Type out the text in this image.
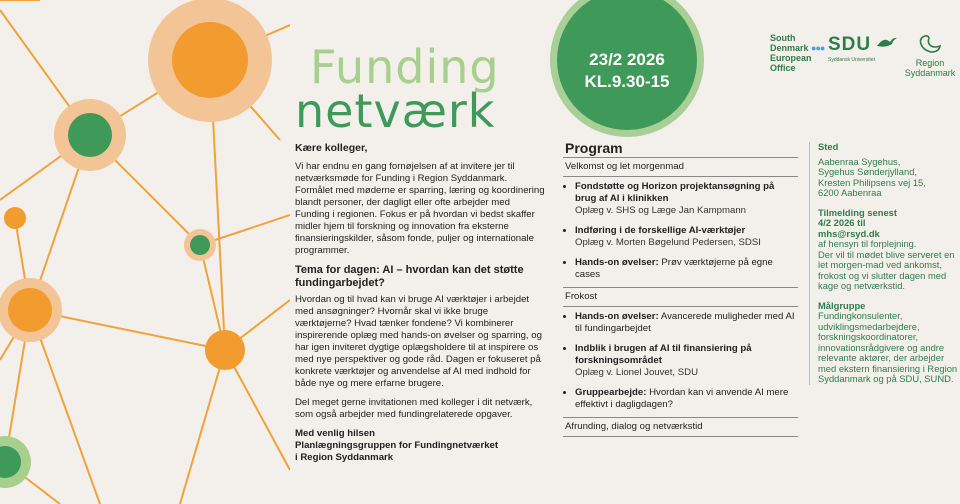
Funding
netværk
23/2 2026
KL.9.30-15
South
Denmark ●●●
European
Office
SDU
Syddansk Universitet	Region Syddanmark

Kære kolleger,

Vi har endnu en gang fornøjelsen af at invitere jer til netværksmøde for Funding i Region Syddanmark. Formålet med møderne er sparring, læring og koordinering blandt personer, der dagligt eller ofte arbejder med Funding i regionen. Fokus er på hvordan vi bedst skaffer midler hjem til forskning og innovation fra eksterne finansieringskilder, såsom fonde, puljer og internationale programmer.

Tema for dagen: AI – hvordan kan det støtte fundingarbejdet?

Hvordan og til hvad kan vi bruge AI værktøjer i arbejdet med ansøgninger? Hvornår skal vi ikke bruge værktøjerne? Hvad tænker fondene? Vi kombinerer inspirerende oplæg med hands-on øvelser og sparring, og har igen inviteret dygtige oplægsholdere til at inspirere os med nye perspektiver og gode råd. Dagen er fokuseret på konkrete værktøjer og anvendelse af AI med indhold for både nye og mere erfarne brugere.

Del meget gerne invitationen med kolleger i dit netværk, som også arbejder med fundingrelaterede opgaver.

Med venlig hilsen
Planlægningsgruppen for Fundingnetværket
i Region Syddanmark
Program
Velkomst og let morgenmad
• Fondstøtte og Horizon projektansøgning på brug af AI i klinikken
Oplæg v. SHS og Læge Jan Kampmann
• Indføring i de forskellige AI-værktøjer
Oplæg v. Morten Bøgelund Pedersen, SDSI
• Hands-on øvelser: Prøv værktøjerne på egne cases
Frokost
• Hands-on øvelser: Avancerede muligheder med AI til fundingarbejdet
• Indblik i brugen af AI til finansiering på forskningsområdet
Oplæg v. Lionel Jouvet, SDU
• Gruppearbejde: Hvordan kan vi anvende AI mere effektivt i dagligdagen?
Afrunding, dialog og netværkstid
Sted
Aabenraa Sygehus,
Sygehus Sønderjylland,
Kresten Philipsens vej 15,
6200 Aabenraa
Tilmelding senest
4/2 2026 til
mhs@rsyd.dk
af hensyn til forplejning.
Der vil til mødet blive serveret en let morgen-mad ved ankomst, frokost og vi slutter dagen med kage og netværkstid.
Målgruppe
Fundingkonsulenter, udviklingsmedarbejdere, forskningskoordinatorer, innovationsrådgivere og andre relevante aktører, der arbejder med ekstern finansiering i Region Syddanmark og på SDU, SUND.
